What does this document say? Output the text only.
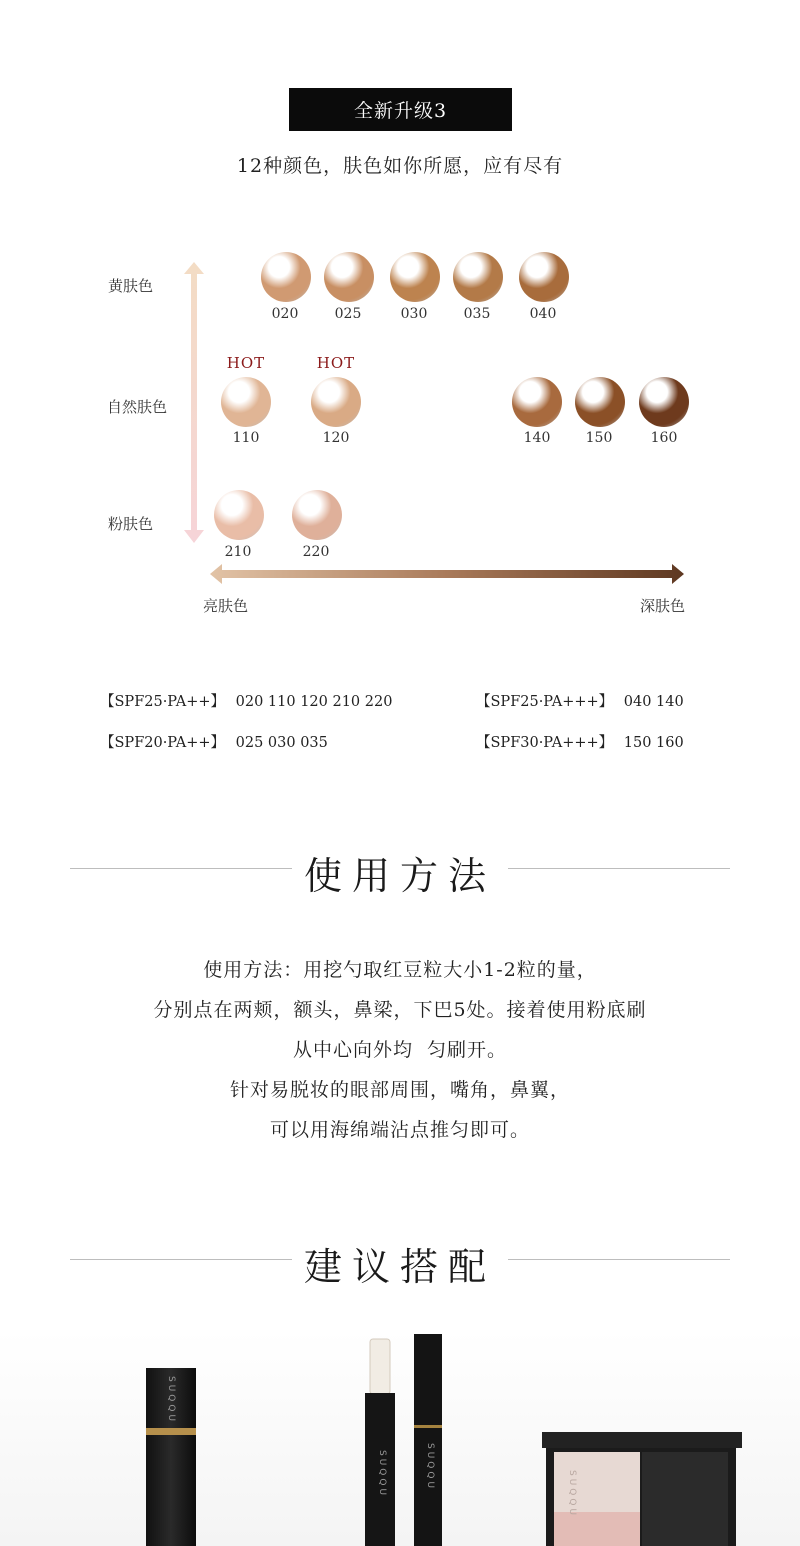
全新升级3
12种颜色，肤色如你所愿，应有尽有
黄肤色
自然肤色
粉肤色
020	025	030	035	040
HOT	HOT
110	120	140	150	160
210	220
亮肤色	深肤色
【SPF25·PA++】 020 110 120 210 220	【SPF25·PA+++】 040 140
【SPF20·PA++】 025 030 035	【SPF30·PA+++】 150 160
使用方法
使用方法：用挖勺取红豆粒大小1-2粒的量，
分别点在两颊，额头，鼻梁，下巴5处。接着使用粉底刷
从中心向外均  匀刷开。
针对易脱妆的眼部周围，嘴角，鼻翼，
可以用海绵端沾点推匀即可。
建议搭配
SUQQU
SUQQU	SUQQU
SUQQU
